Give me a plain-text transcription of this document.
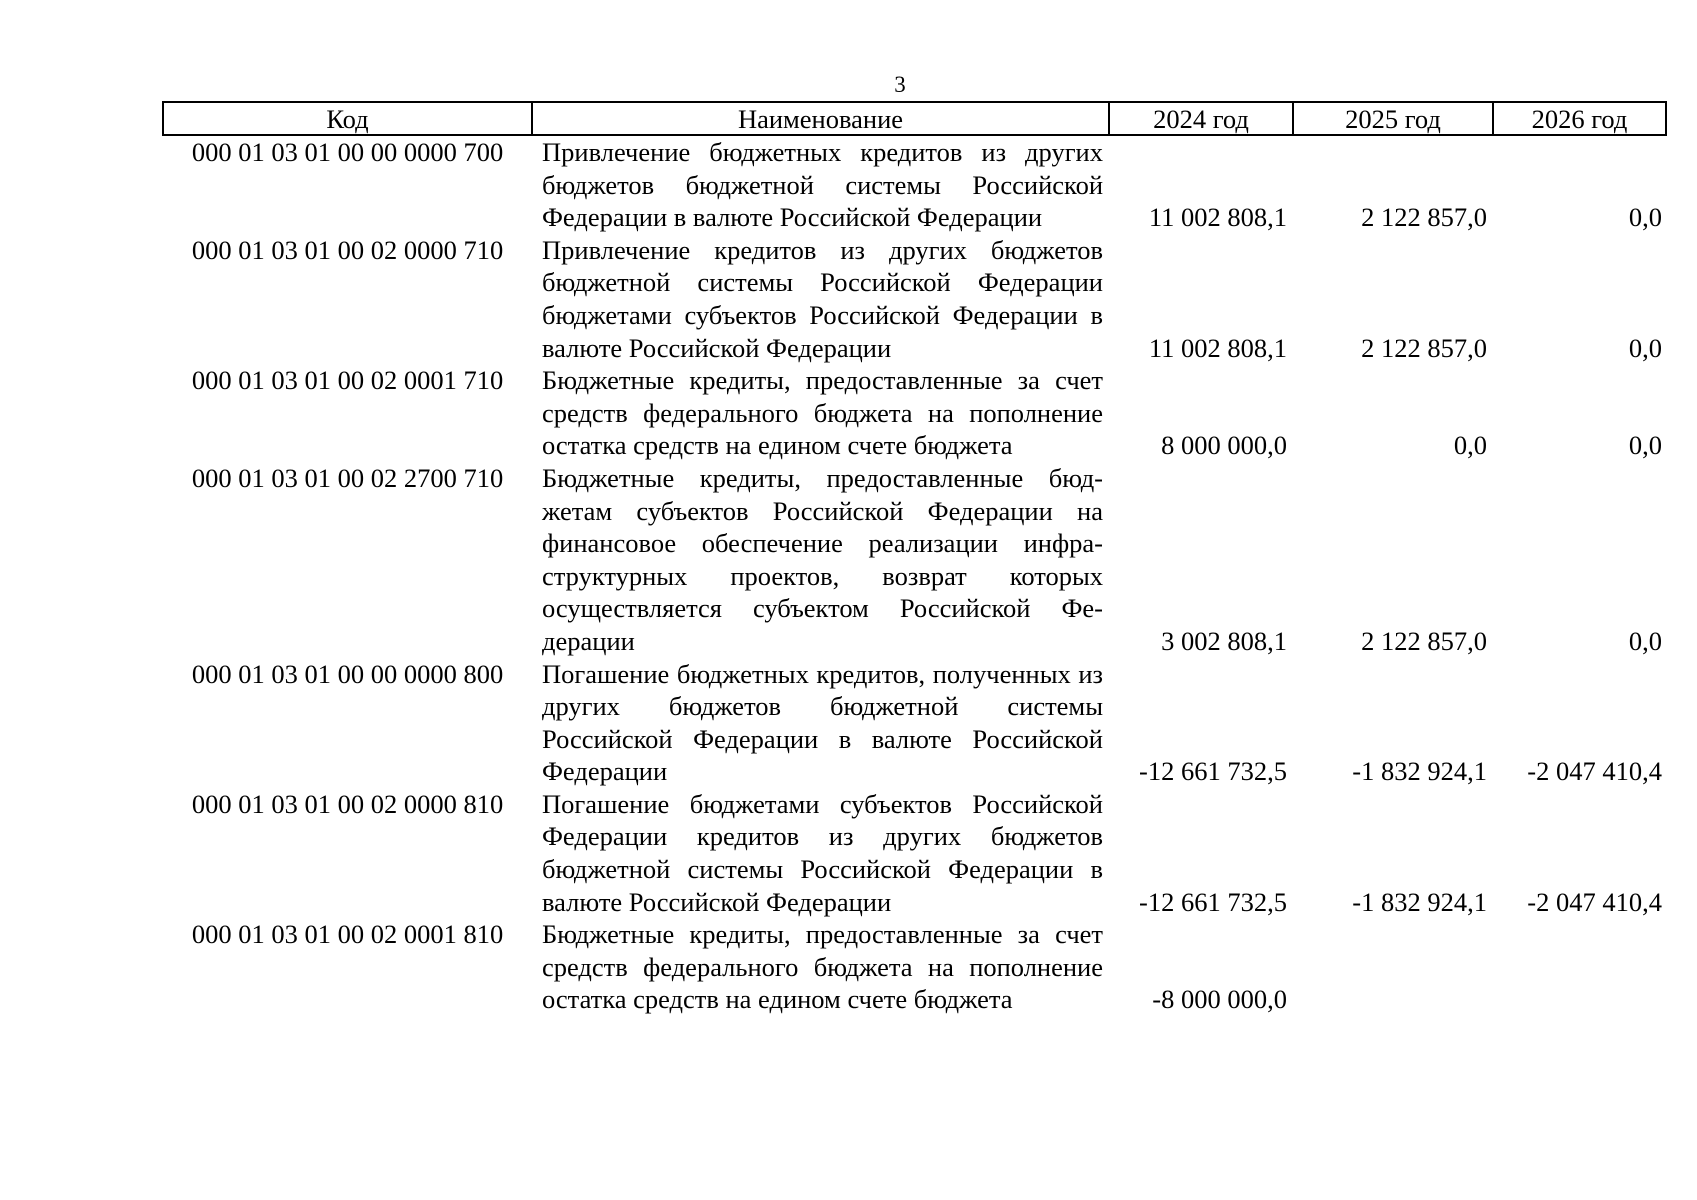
3
Код	Наименование	2024 год	2025 год	2026 год
000 01 03 01 00 00 0000 700	Привлечение бюджетных кредитов из других бюджетов бюджетной системы Российской Федерации в валюте Российской Федерации	11 002 808,1	2 122 857,0	0,0
000 01 03 01 00 02 0000 710	Привлечение кредитов из других бюджетов бюджетной системы Российской Федерации бюджетами субъектов Российской Федерации в валюте Российской Федерации	11 002 808,1	2 122 857,0	0,0
000 01 03 01 00 02 0001 710	Бюджетные кредиты, предоставленные за счет средств федерального бюджета на пополнение остатка средств на едином счете бюджета	8 000 000,0	0,0	0,0
000 01 03 01 00 02 2700 710	Бюджетные кредиты, предоставленные бюджетам субъектов Российской Федерации на финансовое обеспечение реализации инфраструктурных проектов, возврат которых осуществляется субъектом Российской Федерации	3 002 808,1	2 122 857,0	0,0
000 01 03 01 00 00 0000 800	Погашение бюджетных кредитов, полученных из других бюджетов бюджетной системы Российской Федерации в валюте Российской Федерации	-12 661 732,5	-1 832 924,1	-2 047 410,4
000 01 03 01 00 02 0000 810	Погашение бюджетами субъектов Российской Федерации кредитов из других бюджетов бюджетной системы Российской Федерации в валюте Российской Федерации	-12 661 732,5	-1 832 924,1	-2 047 410,4
000 01 03 01 00 02 0001 810	Бюджетные кредиты, предоставленные за счет средств федерального бюджета на пополнение остатка средств на едином счете бюджета	-8 000 000,0		
